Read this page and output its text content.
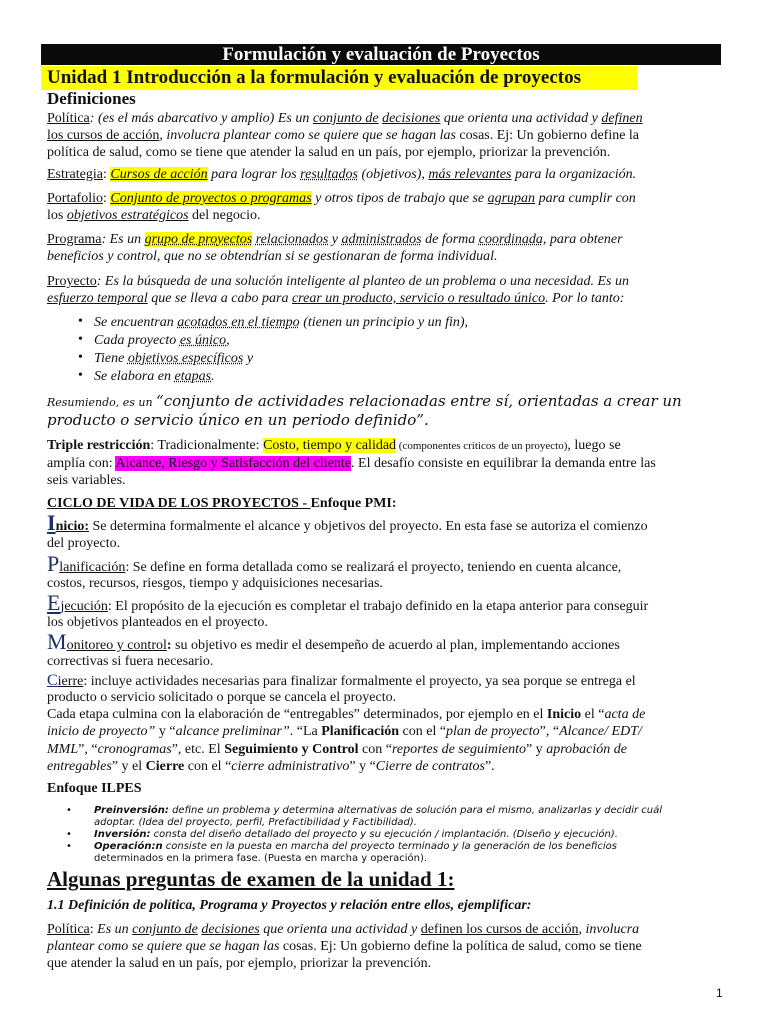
Formulación y evaluación de Proyectos
Unidad 1 Introducción a la formulación y evaluación de proyectos
Definiciones
Política: (es el más abarcativo y amplio) Es un conjunto de decisiones que orienta una actividad y definen
los cursos de acción, involucra plantear como se quiere que se hagan las cosas. Ej: Un gobierno define la
política de salud, como se tiene que atender la salud en un país, por ejemplo, priorizar la prevención.
Estrategia: Cursos de acción para lograr los resultados (objetivos), más relevantes para la organización.
Portafolio: Conjunto de proyectos o programas y otros tipos de trabajo que se agrupan para cumplir con
los objetivos estratégicos del negocio.
Programa: Es un grupo de proyectos relacionados y administrados de forma coordinada, para obtener
beneficios y control, que no se obtendrían si se gestionaran de forma individual.
Proyecto: Es la búsqueda de una solución inteligente al planteo de un problema o una necesidad. Es un
esfuerzo temporal que se lleva a cabo para crear un producto, servicio o resultado único. Por lo tanto:
• Se encuentran acotados en el tiempo (tienen un principio y un fin),
• Cada proyecto es único,
• Tiene objetivos específicos y
• Se elabora en etapas.
Resumiendo, es un “conjunto de actividades relacionadas entre sí, orientadas a crear un
producto o servicio único en un periodo definido”.
Triple restricción: Tradicionalmente: Costo, tiempo y calidad (componentes críticos de un proyecto), luego se
amplía con: Alcance, Riesgo y Satisfacción del cliente. El desafío consiste en equilibrar la demanda entre las
seis variables.
CICLO DE VIDA DE LOS PROYECTOS - Enfoque PMI:
Inicio: Se determina formalmente el alcance y objetivos del proyecto. En esta fase se autoriza el comienzo
del proyecto.
Planificación: Se define en forma detallada como se realizará el proyecto, teniendo en cuenta alcance,
costos, recursos, riesgos, tiempo y adquisiciones necesarias.
Ejecución: El propósito de la ejecución es completar el trabajo definido en la etapa anterior para conseguir
los objetivos planteados en el proyecto.
Monitoreo y control: su objetivo es medir el desempeño de acuerdo al plan, implementando acciones
correctivas si fuera necesario.
Cierre: incluye actividades necesarias para finalizar formalmente el proyecto, ya sea porque se entrega el
producto o servicio solicitado o porque se cancela el proyecto.
Cada etapa culmina con la elaboración de “entregables” determinados, por ejemplo en el Inicio el “acta de
inicio de proyecto” y “alcance preliminar”. “La Planificación con el “plan de proyecto”, “Alcance/ EDT/
MML”, “cronogramas”, etc. El Seguimiento y Control con “reportes de seguimiento” y aprobación de
entregables” y el Cierre con el “cierre administrativo” y “Cierre de contratos”.
Enfoque ILPES
• Preinversión: define un problema y determina alternativas de solución para el mismo, analizarlas y decidir cuál
adoptar. (Idea del proyecto, perfil, Prefactibilidad y Factibilidad).
• Inversión: consta del diseño detallado del proyecto y su ejecución / implantación. (Diseño y ejecución).
• Operación:n consiste en la puesta en marcha del proyecto terminado y la generación de los beneficios
determinados en la primera fase. (Puesta en marcha y operación).
Algunas preguntas de examen de la unidad 1:
1.1 Definición de política, Programa y Proyectos y relación entre ellos, ejemplificar:
Política: Es un conjunto de decisiones que orienta una actividad y definen los cursos de acción, involucra
plantear como se quiere que se hagan las cosas. Ej: Un gobierno define la política de salud, como se tiene
que atender la salud en un país, por ejemplo, priorizar la prevención.
1
